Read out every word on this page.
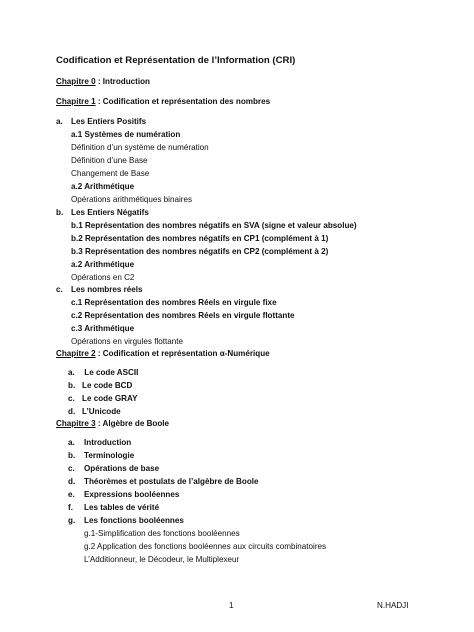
Codification et Représentation de l’Information (CRI)
Chapitre 0 : Introduction
Chapitre 1 : Codification et représentation des nombres
a. Les Entiers Positifs
a.1 Systèmes de numération
Définition d’un système de numération
Définition d’une Base
Changement de Base
a.2 Arithmétique
Opérations arithmétiques binaires
b. Les Entiers Négatifs
b.1 Représentation des nombres négatifs en SVA (signe et valeur absolue)
b.2 Représentation des nombres négatifs en CP1 (complément à 1)
b.3 Représentation des nombres négatifs en CP2 (complément à 2)
a.2 Arithmétique
Opérations en C2
c. Les nombres réels
c.1 Représentation des nombres Réels en virgule fixe
c.2 Représentation des nombres Réels en virgule flottante
c.3 Arithmétique
Opérations en virgules flottante
Chapitre 2 : Codification et représentation α-Numérique
a. Le code ASCII
b. Le code BCD
c. Le code GRAY
d. L’Unicode
Chapitre 3 : Algèbre de Boole
a. Introduction
b. Terminologie
c. Opérations de base
d. Théorèmes et postulats de l’algèbre de Boole
e. Expressions booléennes
f. Les tables de vérité
g. Les fonctions booléennes
g.1-Simplification des fonctions booléennes
g.2 Application des fonctions booléennes aux circuits combinatoires
L’Additionneur, le Décodeur, le Multiplexeur
1	N.HADJI
